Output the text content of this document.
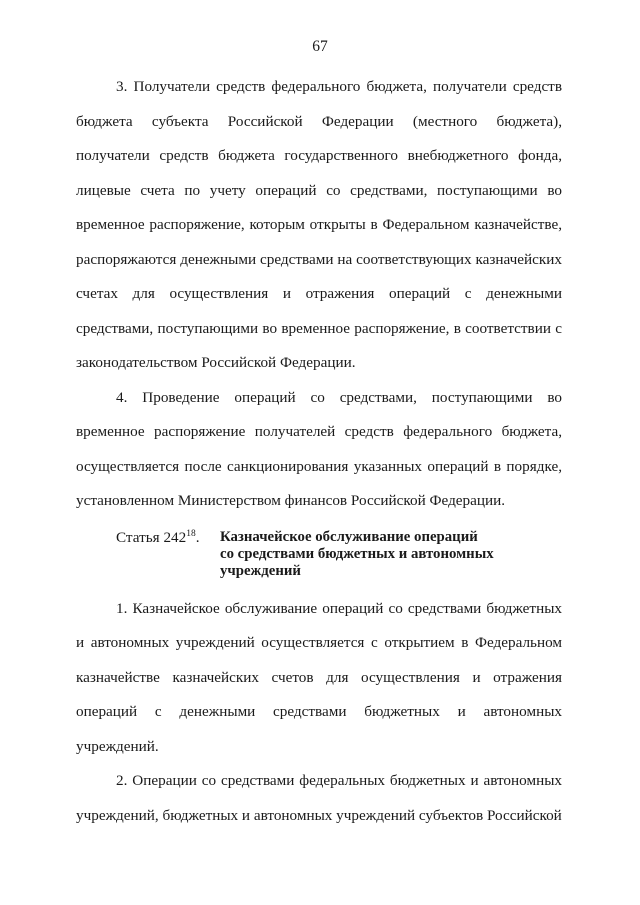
67

3. Получатели средств федерального бюджета, получатели средств бюджета субъекта Российской Федерации (местного бюджета), получатели средств бюджета государственного внебюджетного фонда, лицевые счета по учету операций со средствами, поступающими во временное распоряжение, которым открыты в Федеральном казначействе, распоряжаются денежными средствами на соответствующих казначейских счетах для осуществления и отражения операций с денежными средствами, поступающими во временное распоряжение, в соответствии с законодательством Российской Федерации.

4. Проведение операций со средствами, поступающими во временное распоряжение получателей средств федерального бюджета, осуществляется после санкционирования указанных операций в порядке, установленном Министерством финансов Российской Федерации.

Статья $242^{18}$.	Казначейское обслуживание операций
со средствами бюджетных и автономных
учреждений

1. Казначейское обслуживание операций со средствами бюджетных и автономных учреждений осуществляется с открытием в Федеральном казначействе казначейских счетов для осуществления и отражения операций с денежными средствами бюджетных и автономных учреждений.

2. Операции со средствами федеральных бюджетных и автономных учреждений, бюджетных и автономных учреждений субъектов Российской
